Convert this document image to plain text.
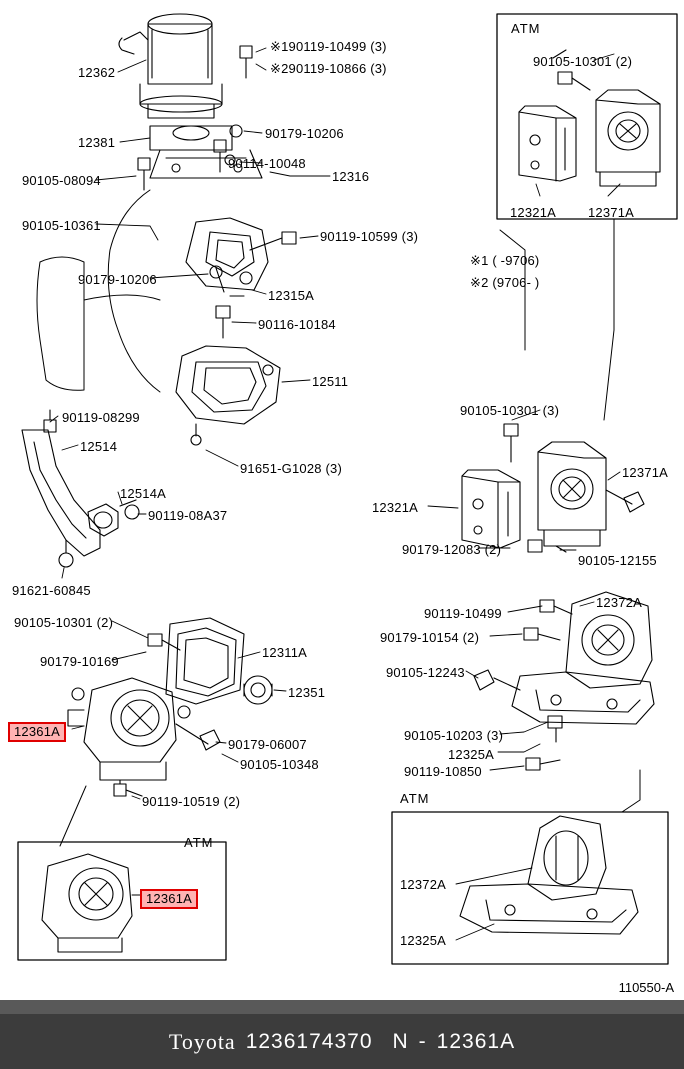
ATM
ATM
ATM
12362
※190119-10499 (3)
※290119-10866 (3)
12381
90179-10206
90114-10048
12316
90105-08094
90105-10361
90119-10599 (3)
90179-10206
12315A
90116-10184
12511
90119-08299
12514
91651-G1028 (3)
12514A
90119-08A37
91621-60845
90105-10301 (2)
90179-10169
12311A
12351
12361A
90179-06007
90105-10348
90119-10519 (2)
12361A
90105-10301 (2)
12321A 12371A
※1 ( -9706)
※2 (9706- )
90105-10301 (3)
12371A
12321A
90179-12083 (2)
90105-12155
90119-10499
12372A
90179-10154 (2)
90105-12243
90105-10203 (3)
12325A
90119-10850
12372A
12325A
110550-A
Toyota 1236174370 N - 12361A
